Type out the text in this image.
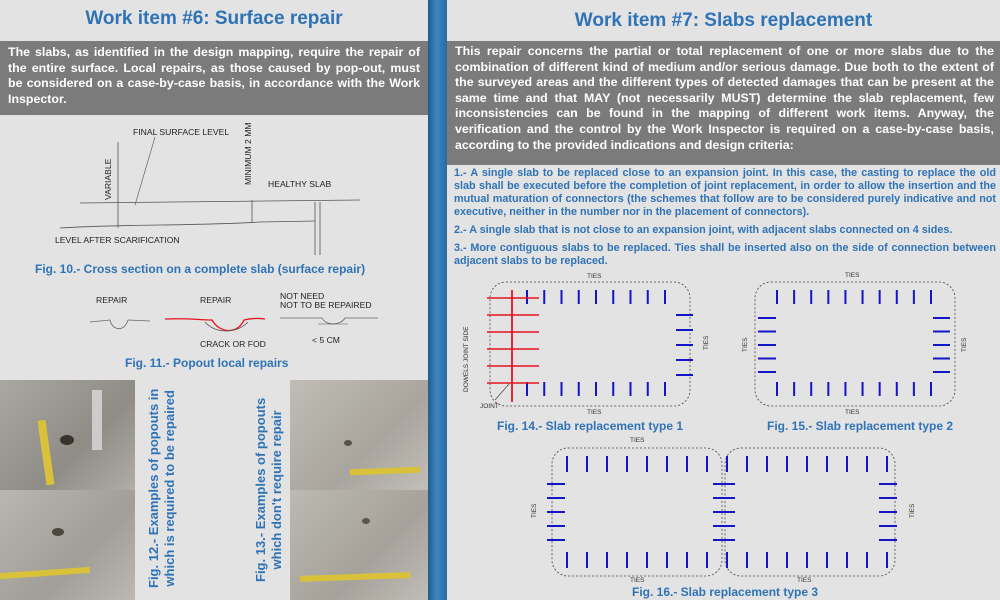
Work item #6: Surface repair
The slabs, as identified in the design mapping, require the repair of the entire surface. Local repairs, as those caused by pop-out, must be considered on a case-by-case basis, in accordance with the Work Inspector.
FINAL SURFACE LEVEL
VARIABLE	MINIMUM 2 MM HEALTHY SLAB
LEVEL AFTER SCARIFICATION
Fig. 10.- Cross section on a complete slab (surface repair)
REPAIR	REPAIR	NOT NEED
NOT TO BE REPAIRED
CRACK OR FOD	< 5 CM
Fig. 11.- Popout local repairs
Fig. 12.- Examples of popouts in which is required to be repaired	Fig. 13.- Examples of popouts which don't require repair
Work item #7: Slabs replacement
This repair concerns the partial or total replacement of one or more slabs due to the combination of different kind of medium and/or serious damage. Due both to the extent of the surveyed areas and the different types of detected damages that can be present at the same time and that MAY (not necessarily MUST) determine the slab replacement, few inconsistencies can be found in the mapping of different work items. Anyway, the verification and the control by the Work Inspector is required on a case-by-case basis, according to the provided indications and design criteria:
1.- A single slab to be replaced close to an expansion joint. In this case, the casting to replace the old slab shall be executed before the completion of joint replacement, in order to allow the insertion and the mutual maturation of connectors (the schemes that follow are to be considered purely indicative and not executive, neither in the number nor in the placement of connectors).
2.- A single slab that is not close to an expansion joint, with adjacent slabs connected on 4 sides.
3.- More contiguous slabs to be replaced. Ties shall be inserted also on the side of connection between adjacent slabs to be replaced.
TIES
TIES
TIES
DOWELS JOINT SIDE
JOINT
Fig. 14.- Slab replacement type 1
TIES
TIES
TIES	TIES
Fig. 15.- Slab replacement type 2
TIES
TIES	TIES
TIES	TIES
Fig. 16.- Slab replacement type 3
